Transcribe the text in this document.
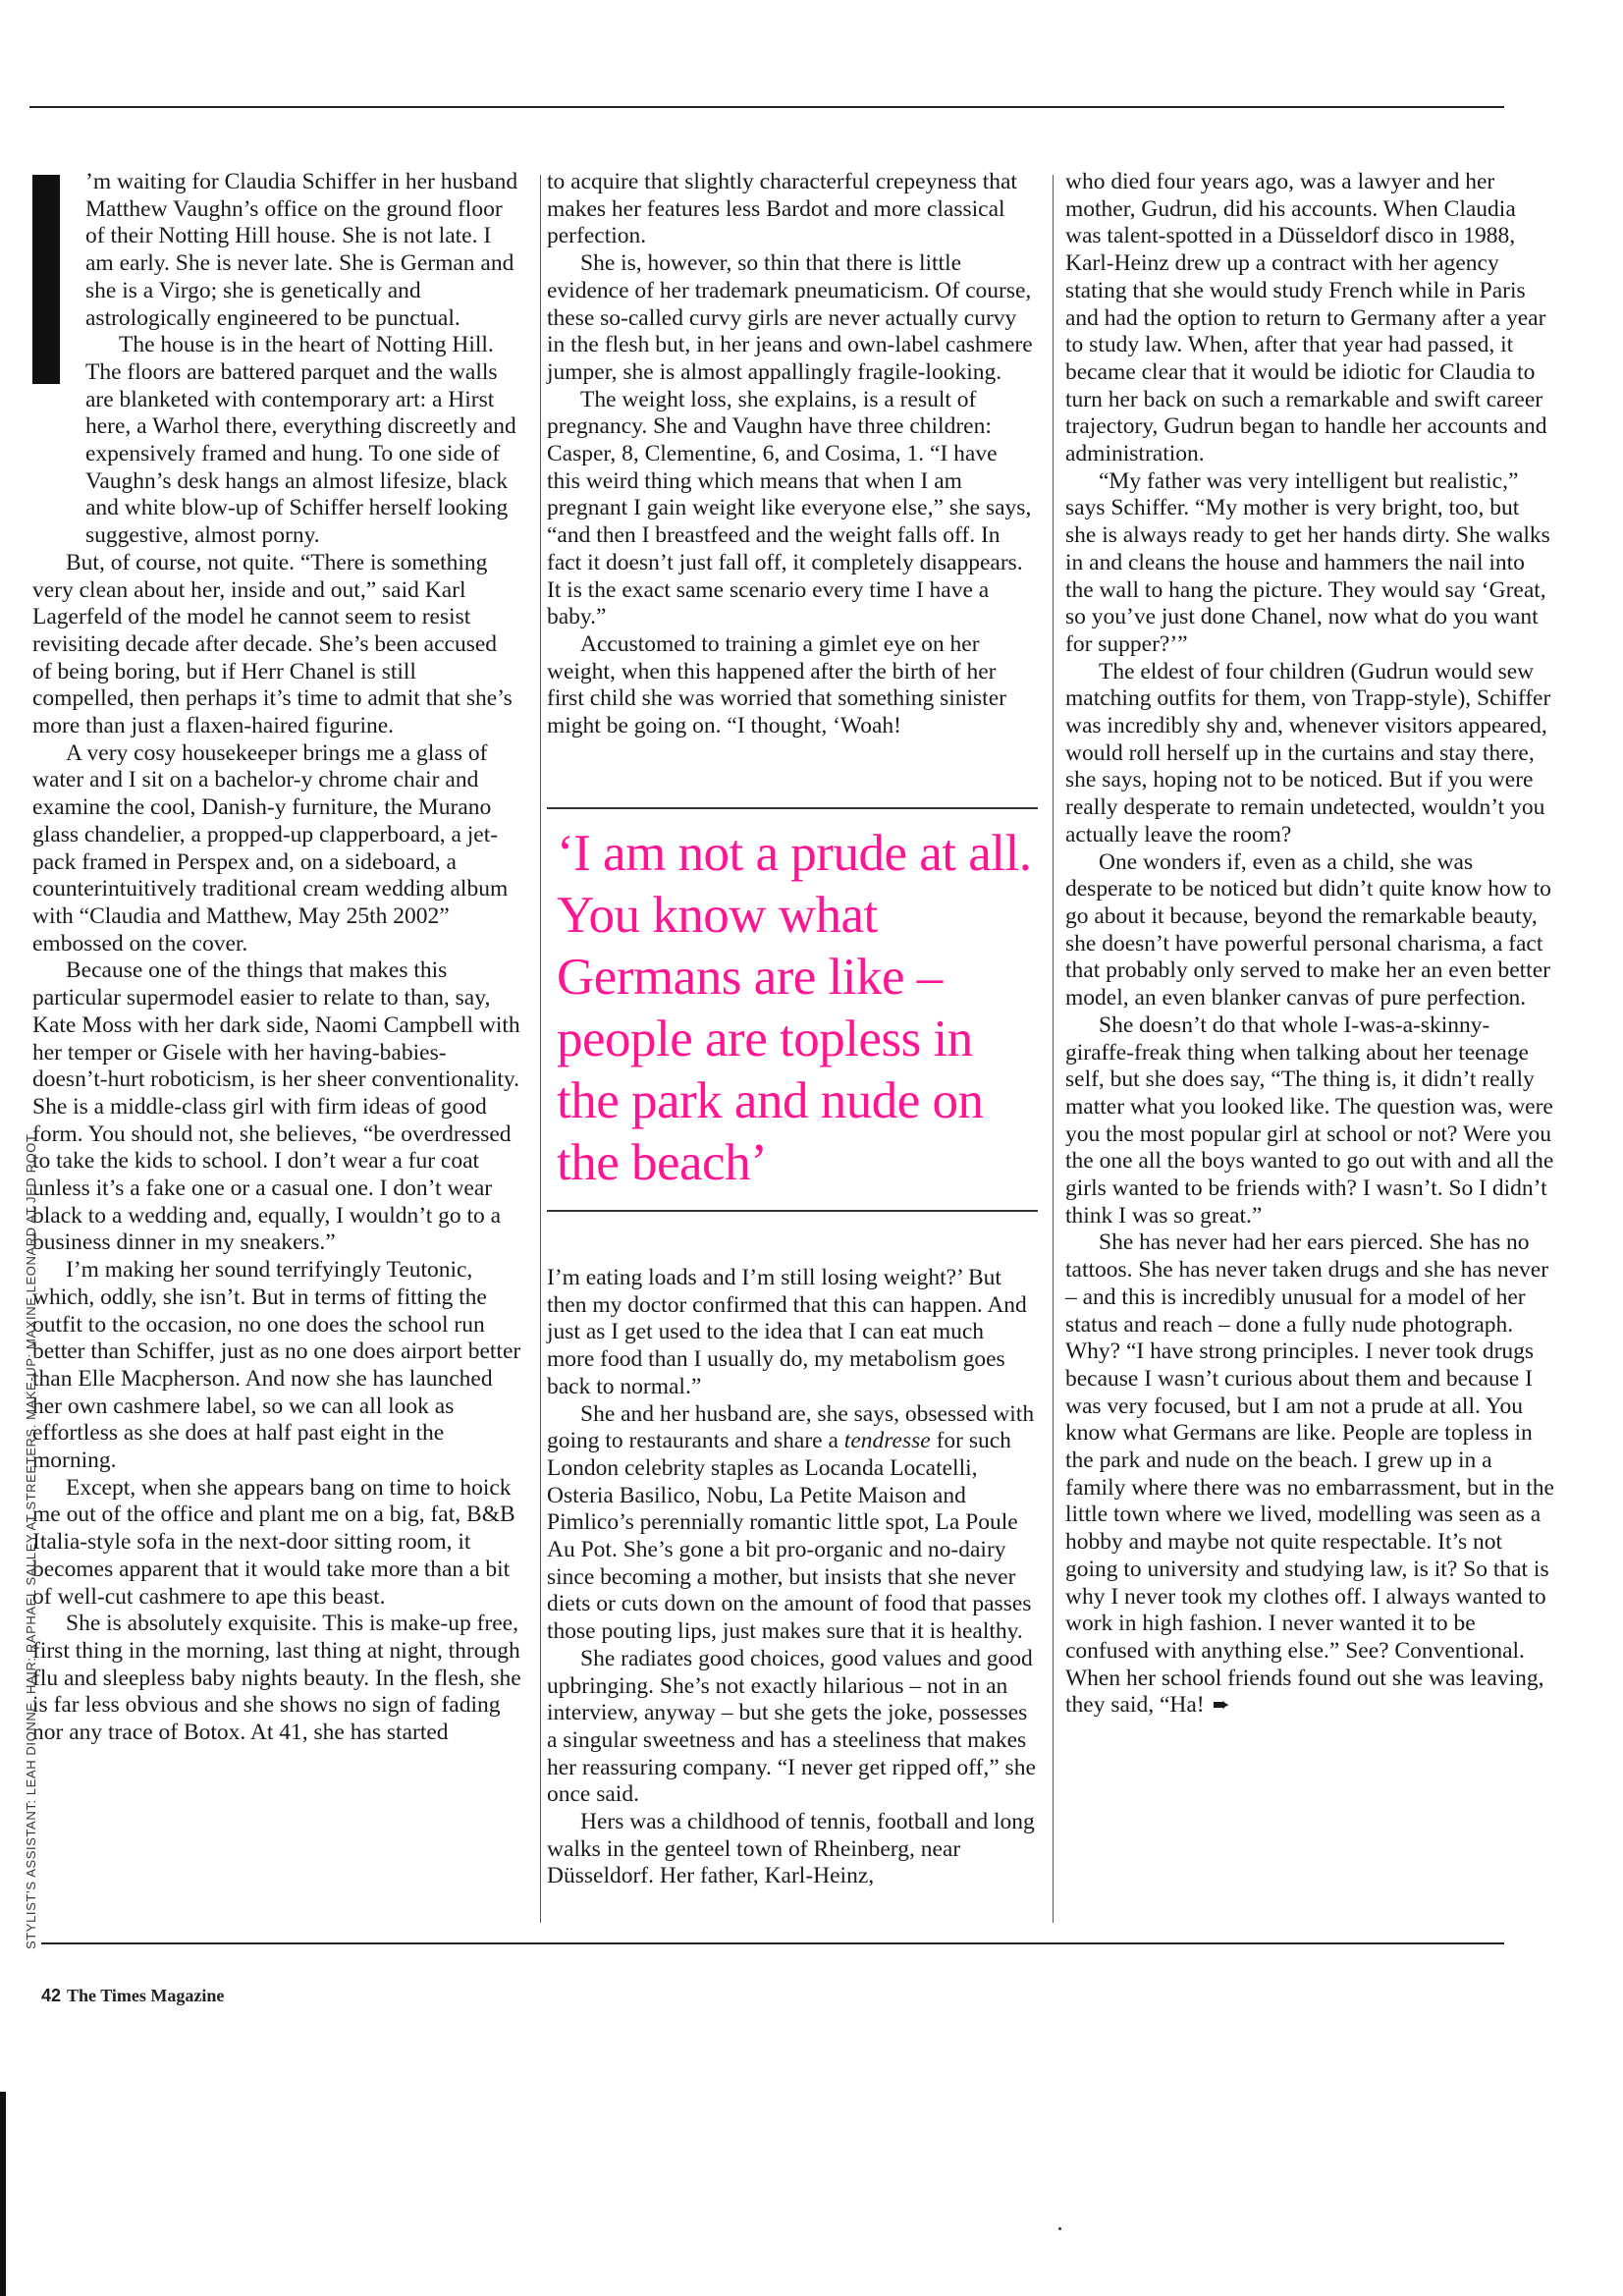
’m waiting for Claudia Schiffer in her husband Matthew Vaughn’s office on the ground floor of their Notting Hill house. She is not late. I am early. She is never late. She is German and she is a Virgo; she is genetically and astrologically engineered to be punctual.

The house is in the heart of Notting Hill. The floors are battered parquet and the walls are blanketed with contemporary art: a Hirst here, a Warhol there, everything discreetly and expensively framed and hung. To one side of Vaughn’s desk hangs an almost lifesize, black and white blow-up of Schiffer herself looking suggestive, almost porny.

But, of course, not quite. “There is something very clean about her, inside and out,” said Karl Lagerfeld of the model he cannot seem to resist revisiting decade after decade. She’s been accused of being boring, but if Herr Chanel is still compelled, then perhaps it’s time to admit that she’s more than just a flaxen-haired figurine.

A very cosy housekeeper brings me a glass of water and I sit on a bachelor-y chrome chair and examine the cool, Danish-y furniture, the Murano glass chandelier, a propped-up clapperboard, a jet-pack framed in Perspex and, on a sideboard, a counterintuitively traditional cream wedding album with “Claudia and Matthew, May 25th 2002” embossed on the cover.

Because one of the things that makes this particular supermodel easier to relate to than, say, Kate Moss with her dark side, Naomi Campbell with her temper or Gisele with her having-babies-doesn’t-hurt roboticism, is her sheer conventionality. She is a middle-class girl with firm ideas of good form. You should not, she believes, “be overdressed to take the kids to school. I don’t wear a fur coat unless it’s a fake one or a casual one. I don’t wear black to a wedding and, equally, I wouldn’t go to a business dinner in my sneakers.”

I’m making her sound terrifyingly Teutonic, which, oddly, she isn’t. But in terms of fitting the outfit to the occasion, no one does the school run better than Schiffer, just as no one does airport better than Elle Macpherson. And now she has launched her own cashmere label, so we can all look as effortless as she does at half past eight in the morning.

Except, when she appears bang on time to hoick me out of the office and plant me on a big, fat, B&B Italia-style sofa in the next-door sitting room, it becomes apparent that it would take more than a bit of well-cut cashmere to ape this beast.

She is absolutely exquisite. This is make-up free, first thing in the morning, last thing at night, through flu and sleepless baby nights beauty. In the flesh, she is far less obvious and she shows no sign of fading nor any trace of Botox. At 41, she has started

to acquire that slightly characterful crepeyness that makes her features less Bardot and more classical perfection.

She is, however, so thin that there is little evidence of her trademark pneumaticism. Of course, these so-called curvy girls are never actually curvy in the flesh but, in her jeans and own-label cashmere jumper, she is almost appallingly fragile-looking.

The weight loss, she explains, is a result of pregnancy. She and Vaughn have three children: Casper, 8, Clementine, 6, and Cosima, 1. “I have this weird thing which means that when I am pregnant I gain weight like everyone else,” she says, “and then I breastfeed and the weight falls off. In fact it doesn’t just fall off, it completely disappears. It is the exact same scenario every time I have a baby.”

Accustomed to training a gimlet eye on her weight, when this happened after the birth of her first child she was worried that something sinister might be going on. “I thought, ‘Woah!

‘I am not a prude at all. You know what Germans are like – people are topless in the park and nude on the beach’

I’m eating loads and I’m still losing weight?’ But then my doctor confirmed that this can happen. And just as I get used to the idea that I can eat much more food than I usually do, my metabolism goes back to normal.”

She and her husband are, she says, obsessed with going to restaurants and share a tendresse for such London celebrity staples as Locanda Locatelli, Osteria Basilico, Nobu, La Petite Maison and Pimlico’s perennially romantic little spot, La Poule Au Pot. She’s gone a bit pro-organic and no-dairy since becoming a mother, but insists that she never diets or cuts down on the amount of food that passes those pouting lips, just makes sure that it is healthy.

She radiates good choices, good values and good upbringing. She’s not exactly hilarious – not in an interview, anyway – but she gets the joke, possesses a singular sweetness and has a steeliness that makes her reassuring company. “I never get ripped off,” she once said.

Hers was a childhood of tennis, football and long walks in the genteel town of Rheinberg, near Düsseldorf. Her father, Karl-Heinz,

who died four years ago, was a lawyer and her mother, Gudrun, did his accounts. When Claudia was talent-spotted in a Düsseldorf disco in 1988, Karl-Heinz drew up a contract with her agency stating that she would study French while in Paris and had the option to return to Germany after a year to study law. When, after that year had passed, it became clear that it would be idiotic for Claudia to turn her back on such a remarkable and swift career trajectory, Gudrun began to handle her accounts and administration.

“My father was very intelligent but realistic,” says Schiffer. “My mother is very bright, too, but she is always ready to get her hands dirty. She walks in and cleans the house and hammers the nail into the wall to hang the picture. They would say ‘Great, so you’ve just done Chanel, now what do you want for supper?’”

The eldest of four children (Gudrun would sew matching outfits for them, von Trapp-style), Schiffer was incredibly shy and, whenever visitors appeared, would roll herself up in the curtains and stay there, she says, hoping not to be noticed. But if you were really desperate to remain undetected, wouldn’t you actually leave the room?

One wonders if, even as a child, she was desperate to be noticed but didn’t quite know how to go about it because, beyond the remarkable beauty, she doesn’t have powerful personal charisma, a fact that probably only served to make her an even better model, an even blanker canvas of pure perfection.

She doesn’t do that whole I-was-a-skinny-giraffe-freak thing when talking about her teenage self, but she does say, “The thing is, it didn’t really matter what you looked like. The question was, were you the most popular girl at school or not? Were you the one all the boys wanted to go out with and all the girls wanted to be friends with? I wasn’t. So I didn’t think I was so great.”

She has never had her ears pierced. She has no tattoos. She has never taken drugs and she has never – and this is incredibly unusual for a model of her status and reach – done a fully nude photograph. Why? “I have strong principles. I never took drugs because I wasn’t curious about them and because I was very focused, but I am not a prude at all. You know what Germans are like. People are topless in the park and nude on the beach. I grew up in a family where there was no embarrassment, but in the little town where we lived, modelling was seen as a hobby and maybe not quite respectable. It’s not going to university and studying law, is it? So that is why I never took my clothes off. I always wanted to work in high fashion. I never wanted it to be confused with anything else.” See? Conventional. When her school friends found out she was leaving, they said, “Ha! ➨

STYLIST’S ASSISTANT: LEAH DIONNE. HAIR: RAPHAEL SALLEY AT STREETERS. MAKE-UP: MAXINE LEONARD AT JED ROOT
42 The Times Magazine
